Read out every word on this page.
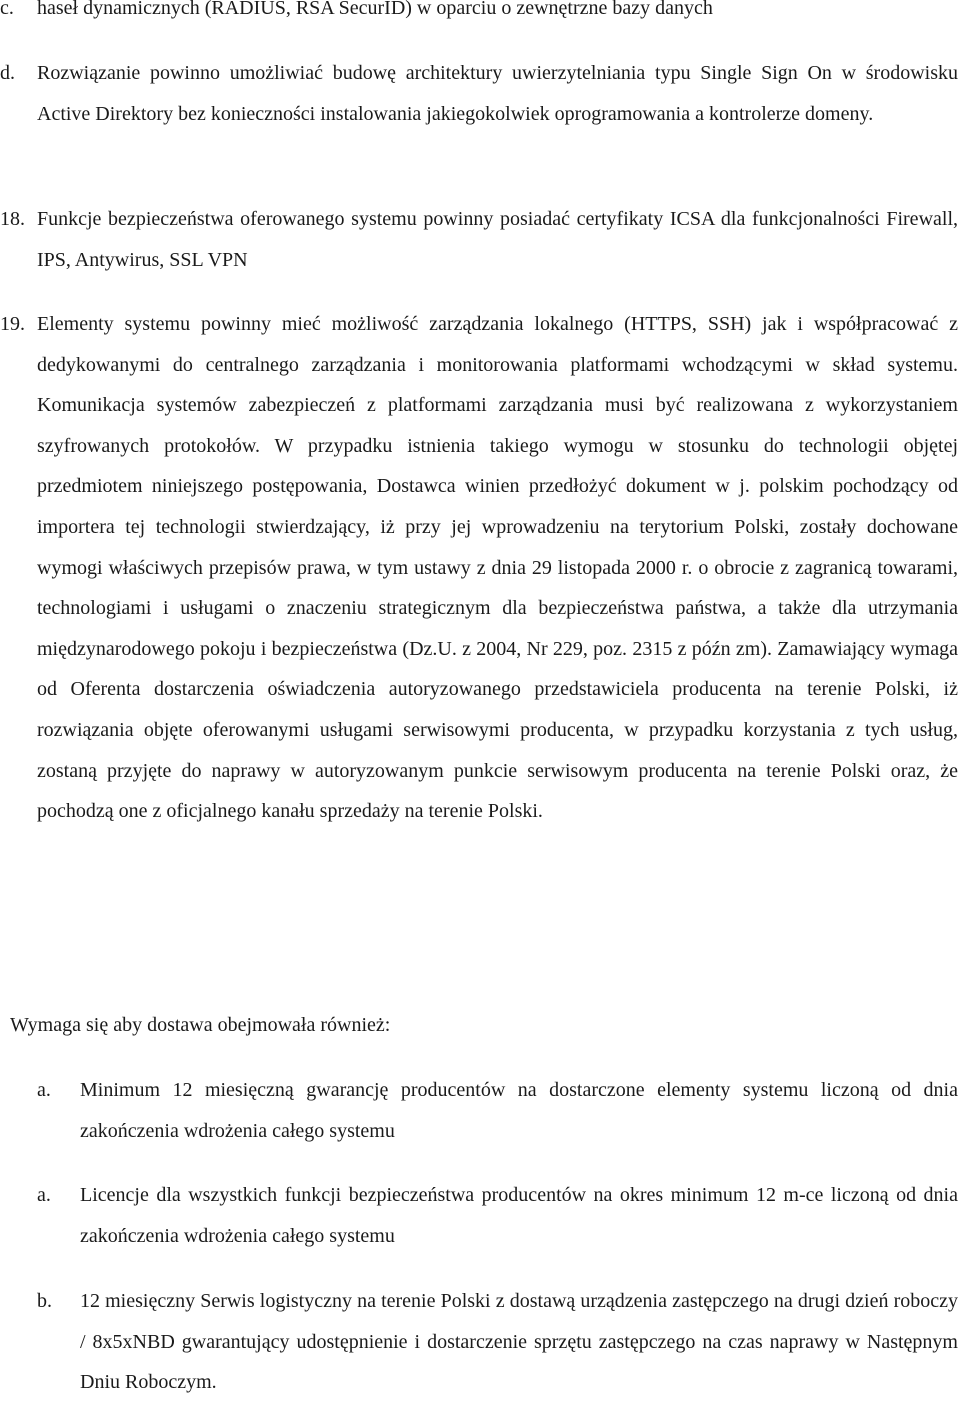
c. haseł dynamicznych (RADIUS, RSA SecurID) w oparciu o zewnętrzne bazy danych
d. Rozwiązanie powinno umożliwiać budowę architektury uwierzytelniania typu Single Sign On w środowisku Active Direktory bez konieczności instalowania jakiegokolwiek oprogramowania a kontrolerze domeny.
18. Funkcje bezpieczeństwa oferowanego systemu powinny posiadać certyfikaty ICSA dla funkcjonalności Firewall, IPS, Antywirus, SSL VPN
19. Elementy systemu powinny mieć możliwość zarządzania lokalnego (HTTPS, SSH) jak i współpracować z dedykowanymi do centralnego zarządzania i monitorowania platformami wchodzącymi w skład systemu. Komunikacja systemów zabezpieczeń z platformami zarządzania musi być realizowana z wykorzystaniem szyfrowanych protokołów. W przypadku istnienia takiego wymogu w stosunku do technologii objętej przedmiotem niniejszego postępowania, Dostawca winien przedłożyć dokument w j. polskim pochodzący od importera tej technologii stwierdzający, iż przy jej wprowadzeniu na terytorium Polski, zostały dochowane wymogi właściwych przepisów prawa, w tym ustawy z dnia 29 listopada 2000 r. o obrocie z zagranicą towarami, technologiami i usługami o znaczeniu strategicznym dla bezpieczeństwa państwa, a także dla utrzymania międzynarodowego pokoju i bezpieczeństwa (Dz.U. z 2004, Nr 229, poz. 2315 z późn zm). Zamawiający wymaga od Oferenta dostarczenia oświadczenia autoryzowanego przedstawiciela producenta na terenie Polski, iż rozwiązania objęte oferowanymi usługami serwisowymi producenta, w przypadku korzystania z tych usług, zostaną przyjęte do naprawy w autoryzowanym punkcie serwisowym producenta na terenie Polski oraz, że pochodzą one z oficjalnego kanału sprzedaży na terenie Polski.
Wymaga się aby dostawa obejmowała również:
a. Minimum 12 miesięczną gwarancję producentów na dostarczone elementy systemu liczoną od dnia zakończenia wdrożenia całego systemu
a. Licencje dla wszystkich funkcji bezpieczeństwa producentów na okres minimum 12 m-ce liczoną od dnia zakończenia wdrożenia całego systemu
b. 12 miesięczny Serwis logistyczny na terenie Polski z dostawą urządzenia zastępczego na drugi dzień roboczy / 8x5xNBD gwarantujący udostępnienie i dostarczenie sprzętu zastępczego na czas naprawy w Następnym Dniu Roboczym.
